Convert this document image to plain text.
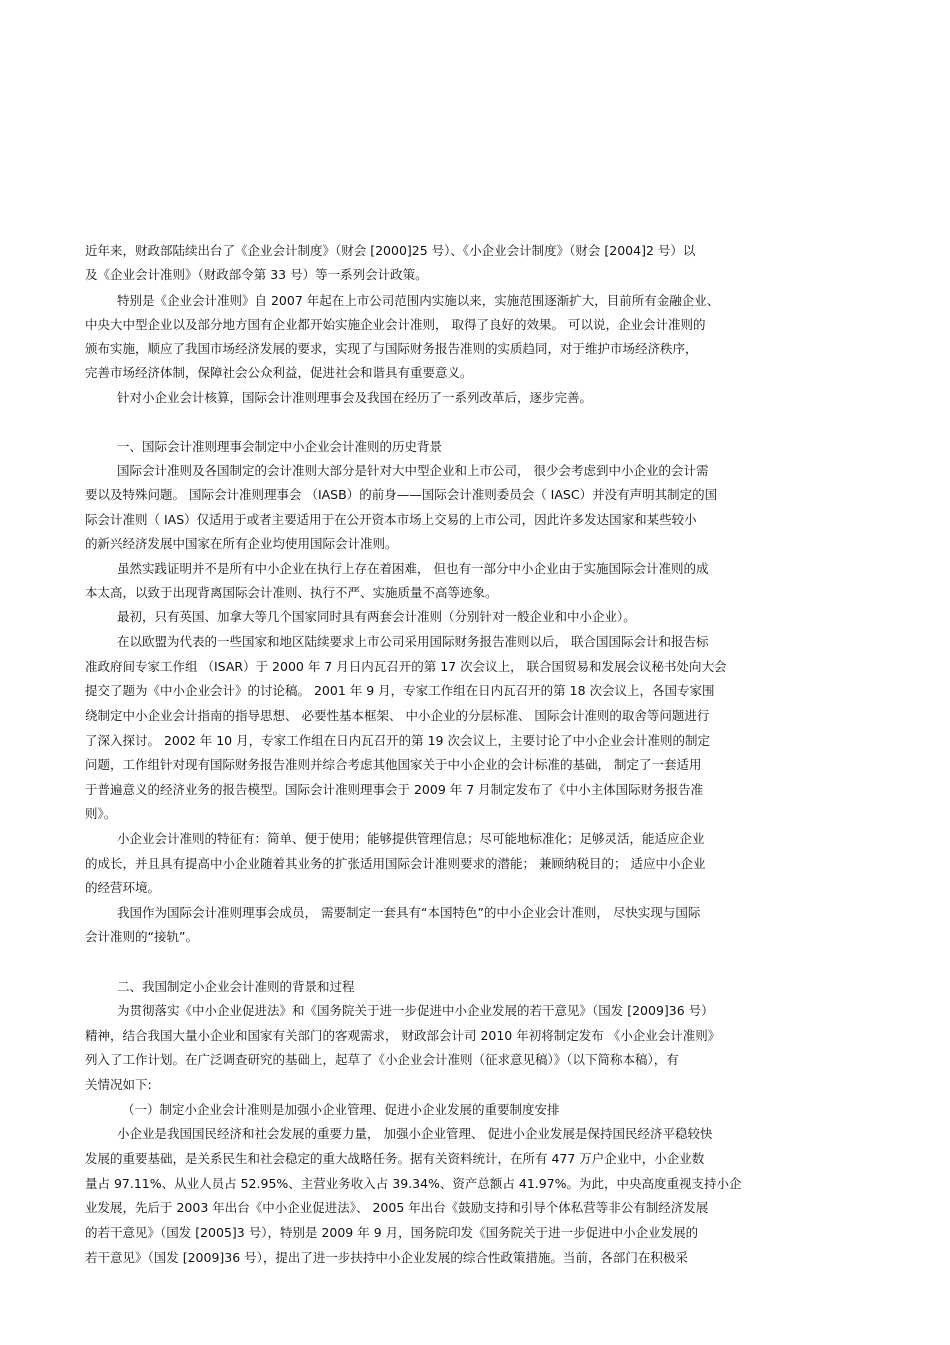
近年来，财政部陆续出台了《企业会计制度》（财会 [2000]25 号）、《小企业会计制度》（财会 [2004]2 号）以
及《企业会计准则》（财政部令第 33 号）等一系列会计政策。
特别是《企业会计准则》自 2007 年起在上市公司范围内实施以来，实施范围逐渐扩大，目前所有金融企业、
中央大中型企业以及部分地方国有企业都开始实施企业会计准则， 取得了良好的效果。 可以说，企业会计准则的
颁布实施，顺应了我国市场经济发展的要求，实现了与国际财务报告准则的实质趋同，对于维护市场经济秩序，
完善市场经济体制，保障社会公众利益，促进社会和谐具有重要意义。
针对小企业会计核算，国际会计准则理事会及我国在经历了一系列改革后，逐步完善。
一、国际会计准则理事会制定中小企业会计准则的历史背景
国际会计准则及各国制定的会计准则大部分是针对大中型企业和上市公司， 很少会考虑到中小企业的会计需
要以及特殊问题。 国际会计准则理事会 （IASB）的前身——国际会计准则委员会（ IASC）并没有声明其制定的国
际会计准则（ IAS）仅适用于或者主要适用于在公开资本市场上交易的上市公司，因此许多发达国家和某些较小
的新兴经济发展中国家在所有企业均使用国际会计准则。
虽然实践证明并不是所有中小企业在执行上存在着困难， 但也有一部分中小企业由于实施国际会计准则的成
本太高，以致于出现背离国际会计准则、执行不严、实施质量不高等迹象。
最初，只有英国、加拿大等几个国家同时具有两套会计准则（分别针对一般企业和中小企业）。
在以欧盟为代表的一些国家和地区陆续要求上市公司采用国际财务报告准则以后， 联合国国际会计和报告标
准政府间专家工作组 （ISAR）于 2000 年 7 月日内瓦召开的第 17 次会议上， 联合国贸易和发展会议秘书处向大会
提交了题为《中小企业会计》的讨论稿。 2001 年 9 月，专家工作组在日内瓦召开的第 18 次会议上，各国专家围
绕制定中小企业会计指南的指导思想、 必要性基本框架、 中小企业的分层标准、 国际会计准则的取舍等问题进行
了深入探讨。 2002 年 10 月，专家工作组在日内瓦召开的第 19 次会议上，主要讨论了中小企业会计准则的制定
问题，工作组针对现有国际财务报告准则并综合考虑其他国家关于中小企业的会计标准的基础， 制定了一套适用
于普遍意义的经济业务的报告模型。国际会计准则理事会于 2009 年 7 月制定发布了《中小主体国际财务报告准
则》。
小企业会计准则的特征有：简单、便于使用；能够提供管理信息；尽可能地标准化；足够灵活，能适应企业
的成长，并且具有提高中小企业随着其业务的扩张适用国际会计准则要求的潜能； 兼顾纳税目的； 适应中小企业
的经营环境。
我国作为国际会计准则理事会成员， 需要制定一套具有“本国特色”的中小企业会计准则， 尽快实现与国际
会计准则的“接轨”。
二、我国制定小企业会计准则的背景和过程
为贯彻落实《中小企业促进法》和《国务院关于进一步促进中小企业发展的若干意见》（国发 [2009]36 号）
精神，结合我国大量小企业和国家有关部门的客观需求， 财政部会计司 2010 年初将制定发布 《小企业会计准则》
列入了工作计划。在广泛调查研究的基础上，起草了《小企业会计准则（征求意见稿）》（以下简称本稿），有
关情况如下:
（一）制定小企业会计准则是加强小企业管理、促进小企业发展的重要制度安排
小企业是我国国民经济和社会发展的重要力量， 加强小企业管理、 促进小企业发展是保持国民经济平稳较快
发展的重要基础，是关系民生和社会稳定的重大战略任务。据有关资料统计，在所有 477 万户企业中，小企业数
量占 97.11%、从业人员占 52.95%、主营业务收入占 39.34%、资产总额占 41.97%。为此，中央高度重视支持小企
业发展，先后于 2003 年出台《中小企业促进法》、 2005 年出台《鼓励支持和引导个体私营等非公有制经济发展
的若干意见》（国发 [2005]3 号），特别是 2009 年 9 月，国务院印发《国务院关于进一步促进中小企业发展的
若干意见》（国发 [2009]36 号），提出了进一步扶持中小企业发展的综合性政策措施。当前，各部门在积极采
